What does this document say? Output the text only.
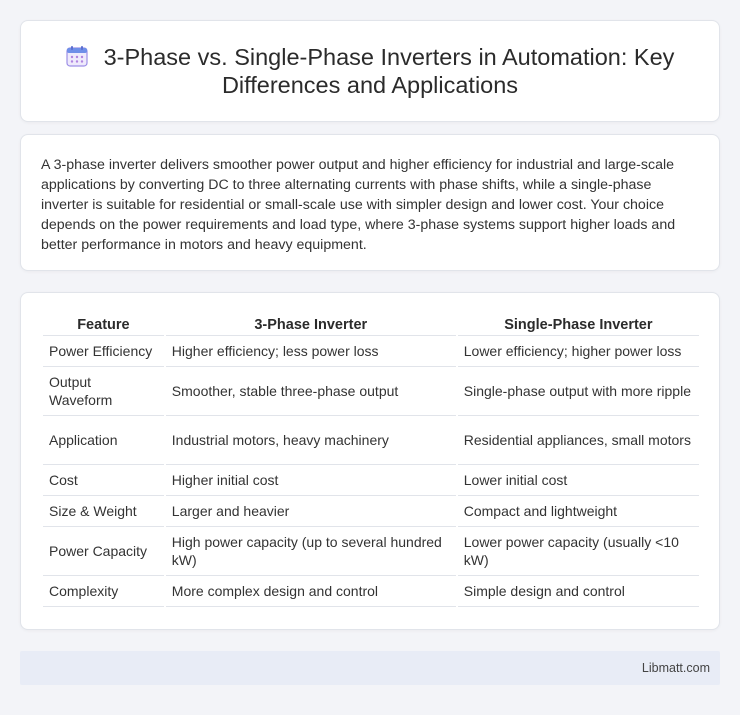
3-Phase vs. Single-Phase Inverters in Automation: Key Differences and Applications

A 3-phase inverter delivers smoother power output and higher efficiency for industrial and large-scale applications by converting DC to three alternating currents with phase shifts, while a single-phase inverter is suitable for residential or small-scale use with simpler design and lower cost. Your choice depends on the power requirements and load type, where 3-phase systems support higher loads and better performance in motors and heavy equipment.

Feature	3-Phase Inverter	Single-Phase Inverter
Power Efficiency	Higher efficiency; less power loss	Lower efficiency; higher power loss
Output Waveform	Smoother, stable three-phase output	Single-phase output with more ripple
Application	Industrial motors, heavy machinery	Residential appliances, small motors
Cost	Higher initial cost	Lower initial cost
Size & Weight	Larger and heavier	Compact and lightweight
Power Capacity	High power capacity (up to several hundred kW)	Lower power capacity (usually <10 kW)
Complexity	More complex design and control	Simple design and control
Libmatt.com
